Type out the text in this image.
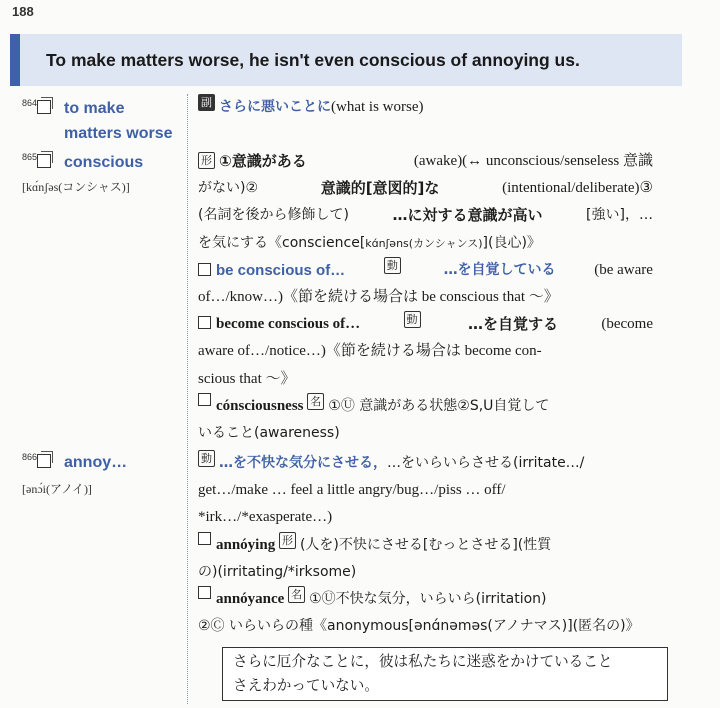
188
To make matters worse, he isn't even conscious of annoying us.
864 to make
matters worse
副 さらに悪いことに (what is worse)
865 conscious
[kɑ́nʃəs(コンシャス)]
形 ①意識がある	(awake)(↔ unconscious/senseless 意識
がない)②	意識的[意図的]な	(intentional/deliberate)③
(名詞を後から修飾して)	…に対する意識が高い	[強い]，…
を気にする《conscience[ kɑ́nʃəns(カンシャンス) ](良心)》
be conscious of…	動	…を自覚している	(be aware
of…/know…)《節を続ける場合は be conscious that 〜》
become conscious of…	動	…を自覚する	(become
aware of…/notice…)《節を続ける場合は become con-
scious that 〜》
cónsciousness
名 ①Ⓤ 意識がある状態②S,U自覚して
いること(awareness)
866 annoy…
[ənɔ́i(アノイ)]
動 …を不快な気分にさせる， …をいらいらさせる(irritate…/
get…/make … feel a little angry/bug…/piss … off/
*irk…/*exasperate…)
annóying
形 (人を)不快にさせる[むっとさせる](性質
の)(irritating/*irksome)
annóyance
名 ①Ⓤ不快な気分，いらいら(irritation)
②Ⓒ いらいらの種《anonymous[ənɑ́nəməs(アノナマス)](匿名の)》
さらに厄介なことに，彼は私たちに迷惑をかけていること
さえわかっていない。
